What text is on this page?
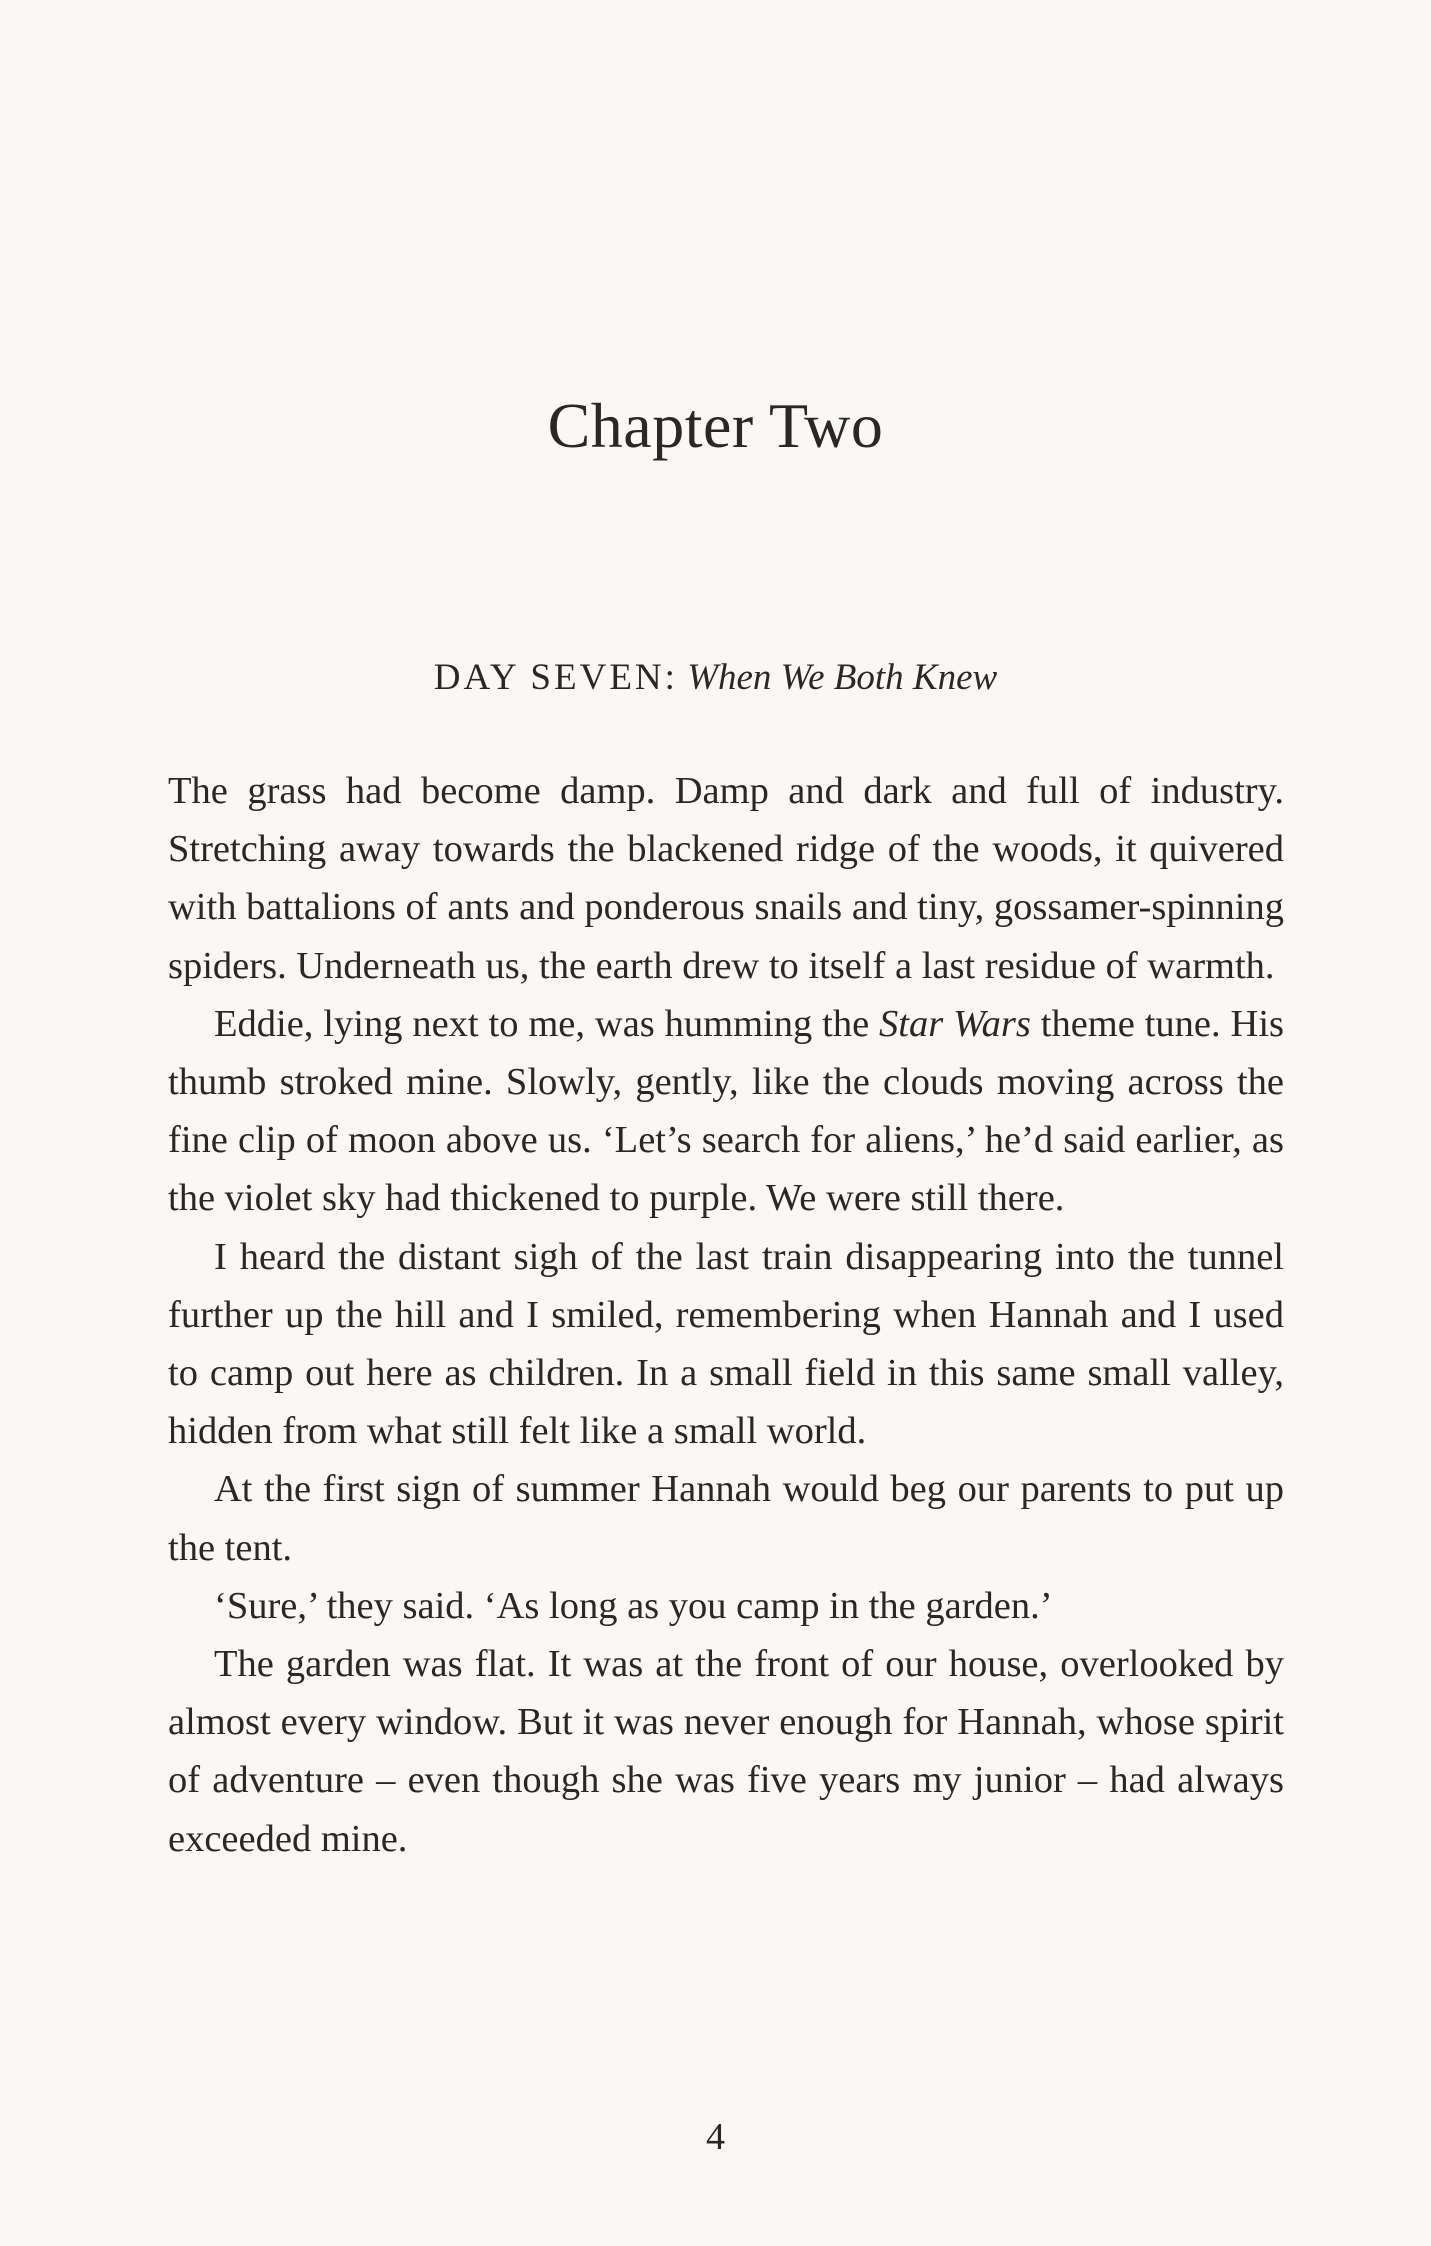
Chapter Two
DAY SEVEN: When We Both Knew

The grass had become damp. Damp and dark and full of industry. Stretching away towards the blackened ridge of the woods, it quivered with battalions of ants and ponderous snails and tiny, gossamer-spinning spiders. Underneath us, the earth drew to itself a last residue of warmth.

Eddie, lying next to me, was humming the Star Wars theme tune. His thumb stroked mine. Slowly, gently, like the clouds moving across the fine clip of moon above us. ‘Let’s search for aliens,’ he’d said earlier, as the violet sky had thickened to purple. We were still there.

I heard the distant sigh of the last train disappearing into the tunnel further up the hill and I smiled, remembering when Hannah and I used to camp out here as children. In a small field in this same small valley, hidden from what still felt like a small world.

At the first sign of summer Hannah would beg our parents to put up the tent.

‘Sure,’ they said. ‘As long as you camp in the garden.’

The garden was flat. It was at the front of our house, overlooked by almost every window. But it was never enough for Hannah, whose spirit of adventure – even though she was five years my junior – had always exceeded mine.

4
